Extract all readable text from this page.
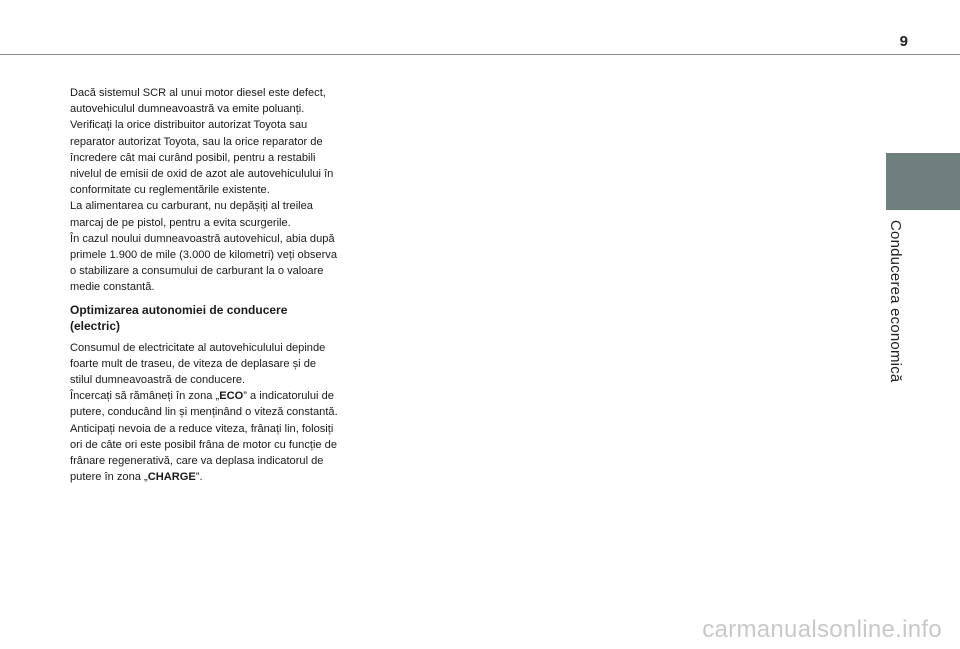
9
Conducerea economică

Dacă sistemul SCR al unui motor diesel este defect, autovehiculul dumneavoastră va emite poluanți. Verificați la orice distribuitor autorizat Toyota sau reparator autorizat Toyota, sau la orice reparator de încredere cât mai curând posibil, pentru a restabili nivelul de emisii de oxid de azot ale autovehiculului în conformitate cu reglementările existente.

La alimentarea cu carburant, nu depășiți al treilea marcaj de pe pistol, pentru a evita scurgerile.

În cazul noului dumneavoastră autovehicul, abia după primele 1.900 de mile (3.000 de kilometri) veți observa o stabilizare a consumului de carburant la o valoare medie constantă.

Optimizarea autonomiei de conducere (electric)

Consumul de electricitate al autovehiculului depinde foarte mult de traseu, de viteza de deplasare și de stilul dumneavoastră de conducere.

Încercați să rămâneți în zona „ECO” a indicatorului de putere, conducând lin și menținând o viteză constantă.

Anticipați nevoia de a reduce viteza, frânați lin, folosiți ori de câte ori este posibil frâna de motor cu funcție de frânare regenerativă, care va deplasa indicatorul de putere în zona „CHARGE”.

carmanualsonline.info
